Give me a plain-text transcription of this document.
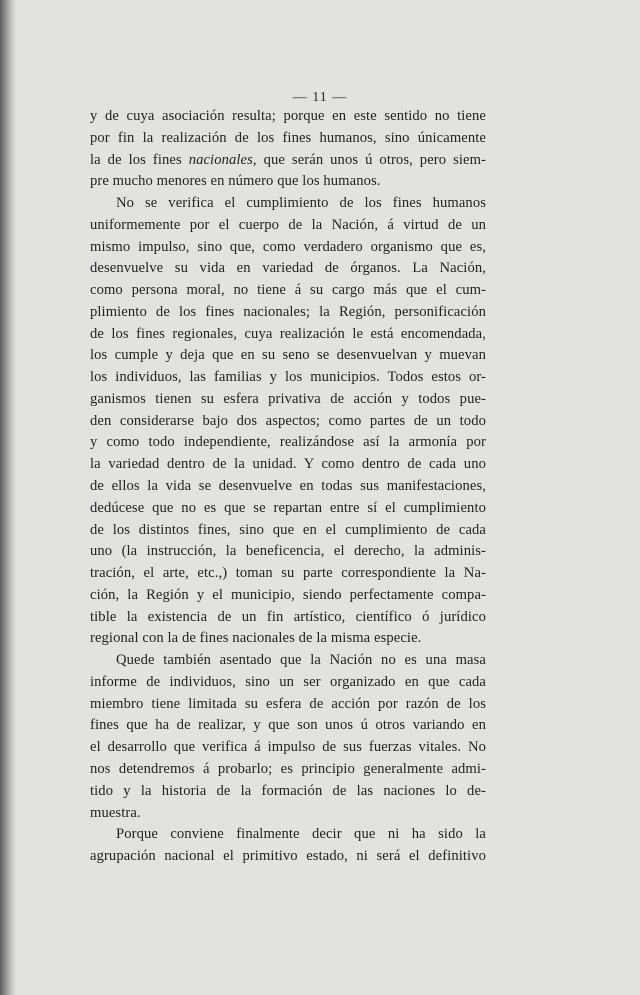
— 11 —
y de cuya asociación resulta; porque en este sentido no tiene
por fin la realización de los fines humanos, sino únicamente
la de los fines nacionales, que serán unos ú otros, pero siem-
pre mucho menores en número que los humanos.
No se verifica el cumplimiento de los fines humanos
uniformemente por el cuerpo de la Nación, á virtud de un
mismo impulso, sino que, como verdadero organismo que es,
desenvuelve su vida en variedad de órganos. La Nación,
como persona moral, no tiene á su cargo más que el cum-
plimiento de los fines nacionales; la Región, personificación
de los fines regionales, cuya realización le está encomendada,
los cumple y deja que en su seno se desenvuelvan y muevan
los individuos, las familias y los municipios. Todos estos or-
ganismos tienen su esfera privativa de acción y todos pue-
den considerarse bajo dos aspectos; como partes de un todo
y como todo independiente, realizándose así la armonía por
la variedad dentro de la unidad. Y como dentro de cada uno
de ellos la vida se desenvuelve en todas sus manifestaciones,
dedúcese que no es que se repartan entre sí el cumplimiento
de los distintos fines, sino que en el cumplimiento de cada
uno (la instrucción, la beneficencia, el derecho, la adminis-
tración, el arte, etc.,) toman su parte correspondiente la Na-
ción, la Región y el municipio, siendo perfectamente compa-
tible la existencia de un fin artístico, científico ó jurídico
regional con la de fines nacionales de la misma especie.
Quede también asentado que la Nación no es una masa
informe de individuos, sino un ser organizado en que cada
miembro tiene limitada su esfera de acción por razón de los
fines que ha de realizar, y que son unos ú otros variando en
el desarrollo que verifica á impulso de sus fuerzas vitales. No
nos detendremos á probarlo; es principio generalmente admi-
tido y la historia de la formación de las naciones lo de-
muestra.
Porque conviene finalmente decir que ni ha sido la
agrupación nacional el primitivo estado, ni será el definitivo
